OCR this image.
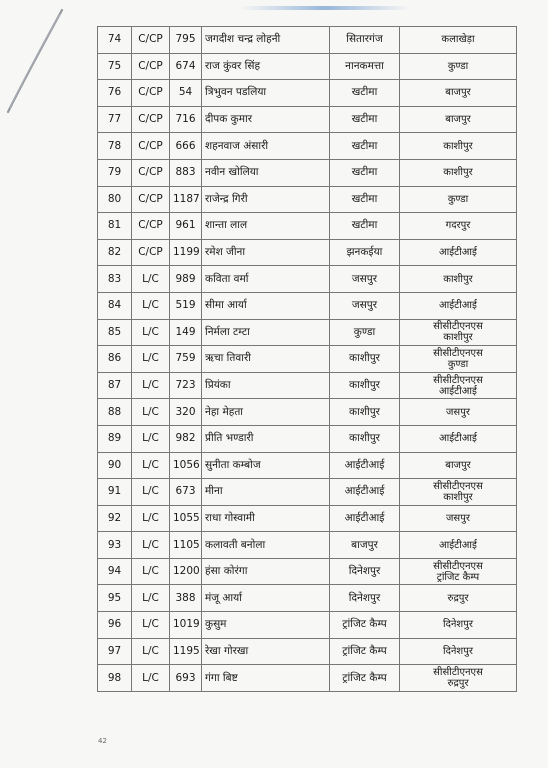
74	C/CP	795	जगदीश चन्द्र लोहनी	सितारगंज	कलाखेड़ा

75	C/CP	674	राज कुंवर सिंह	नानकमत्ता	कुण्डा

76	C/CP	54	त्रिभुवन पडलिया	खटीमा	बाजपुर

77	C/CP	716	दीपक कुमार	खटीमा	बाजपुर

78	C/CP	666	शहनवाज अंसारी	खटीमा	काशीपुर

79	C/CP	883	नवीन खोलिया	खटीमा	काशीपुर

80	C/CP	1187	राजेन्द्र गिरी	खटीमा	कुण्डा

81	C/CP	961	शान्ता लाल	खटीमा	गदरपुर

82	C/CP	1199	रमेश जीना	झनकईया	आईटीआई

83	L/C	989	कविता वर्मा	जसपुर	काशीपुर

84	L/C	519	सीमा आर्या	जसपुर	आईटीआई

85	L/C	149	निर्मला टम्टा	कुण्डा	सीसीटीएनएस
काशीपुर

86	L/C	759	ऋचा तिवारी	काशीपुर	सीसीटीएनएस
कुण्डा

87	L/C	723	प्रियंका	काशीपुर	सीसीटीएनएस
आईटीआई

88	L/C	320	नेहा मेहता	काशीपुर	जसपुर

89	L/C	982	प्रीति भण्डारी	काशीपुर	आईटीआई

90	L/C	1056	सुनीता कम्बोज	आईटीआई	बाजपुर

91	L/C	673	मीना	आईटीआई	सीसीटीएनएस
काशीपुर

92	L/C	1055	राधा गोस्वामी	आईटीआई	जसपुर

93	L/C	1105	कलावती बनोला	बाजपुर	आईटीआई

94	L/C	1200	हंसा कोरंगा	दिनेशपुर	सीसीटीएनएस
ट्रांजिट कैम्प

95	L/C	388	मंजू आर्या	दिनेशपुर	रुद्रपुर

96	L/C	1019	कुसुम	ट्रांजिट कैम्प	दिनेशपुर

97	L/C	1195	रेखा गोरखा	ट्रांजिट कैम्प	दिनेशपुर

98	L/C	693	गंगा बिष्ट	ट्रांजिट कैम्प	सीसीटीएनएस
रुद्रपुर
42
